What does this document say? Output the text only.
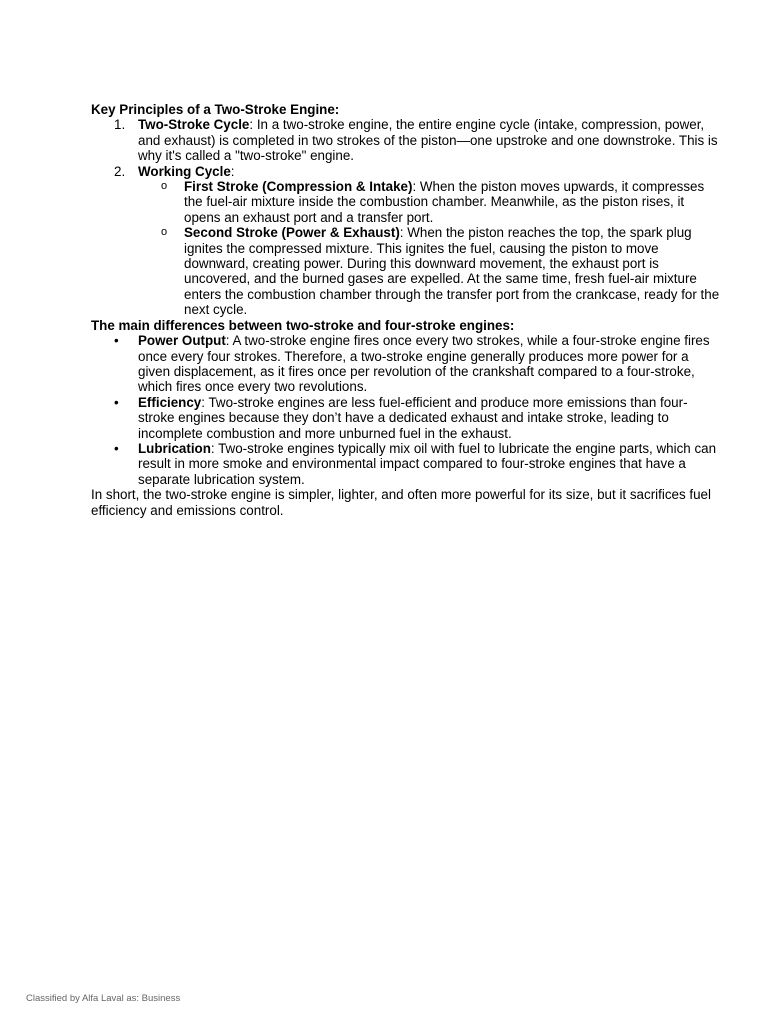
Key Principles of a Two-Stroke Engine:
1. Two-Stroke Cycle: In a two-stroke engine, the entire engine cycle (intake, compression, power, and exhaust) is completed in two strokes of the piston—one upstroke and one downstroke. This is why it's called a "two-stroke" engine.
2. Working Cycle:
o First Stroke (Compression & Intake): When the piston moves upwards, it compresses the fuel-air mixture inside the combustion chamber. Meanwhile, as the piston rises, it opens an exhaust port and a transfer port.
o Second Stroke (Power & Exhaust): When the piston reaches the top, the spark plug ignites the compressed mixture. This ignites the fuel, causing the piston to move downward, creating power. During this downward movement, the exhaust port is uncovered, and the burned gases are expelled. At the same time, fresh fuel-air mixture enters the combustion chamber through the transfer port from the crankcase, ready for the next cycle.
The main differences between two-stroke and four-stroke engines:
• Power Output: A two-stroke engine fires once every two strokes, while a four-stroke engine fires once every four strokes. Therefore, a two-stroke engine generally produces more power for a given displacement, as it fires once per revolution of the crankshaft compared to a four-stroke, which fires once every two revolutions.
• Efficiency: Two-stroke engines are less fuel-efficient and produce more emissions than four-stroke engines because they don’t have a dedicated exhaust and intake stroke, leading to incomplete combustion and more unburned fuel in the exhaust.
• Lubrication: Two-stroke engines typically mix oil with fuel to lubricate the engine parts, which can result in more smoke and environmental impact compared to four-stroke engines that have a separate lubrication system.
In short, the two-stroke engine is simpler, lighter, and often more powerful for its size, but it sacrifices fuel efficiency and emissions control.
Classified by Alfa Laval as: Business
